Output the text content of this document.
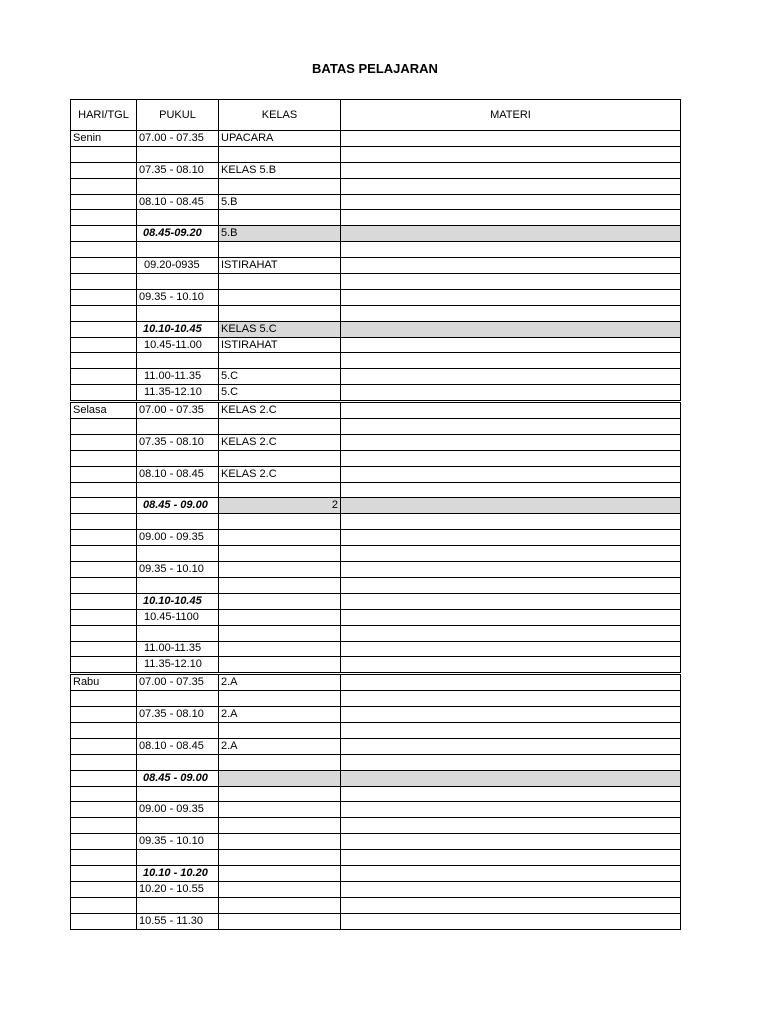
BATAS PELAJARAN
HARI/TGL	PUKUL	KELAS	MATERI
Senin	07.00 - 07.35	UPACARA	

	07.35 - 08.10	KELAS 5.B	

	08.10 - 08.45	5.B	

	08.45-09.20	5.B	

	09.20-0935	ISTIRAHAT	

	09.35 - 10.10		

	10.10-10.45	KELAS 5.C	
	10.45-11.00	ISTIRAHAT	

	11.00-11.35	5.C	
	11.35-12.10	5.C	
Selasa	07.00 - 07.35	KELAS 2.C	

	07.35 - 08.10	KELAS 2.C	

	08.10 - 08.45	KELAS 2.C	

	08.45 - 09.00	2	

	09.00 - 09.35		

	09.35 - 10.10		

	10.10-10.45		
	10.45-1100		

	11.00-11.35		
	11.35-12.10		
Rabu	07.00 - 07.35	2.A	

	07.35 - 08.10	2.A	

	08.10 - 08.45	2.A	

	08.45 - 09.00		

	09.00 - 09.35		

	09.35 - 10.10		

	10.10 - 10.20		
	10.20 - 10.55		

	10.55 - 11.30		
